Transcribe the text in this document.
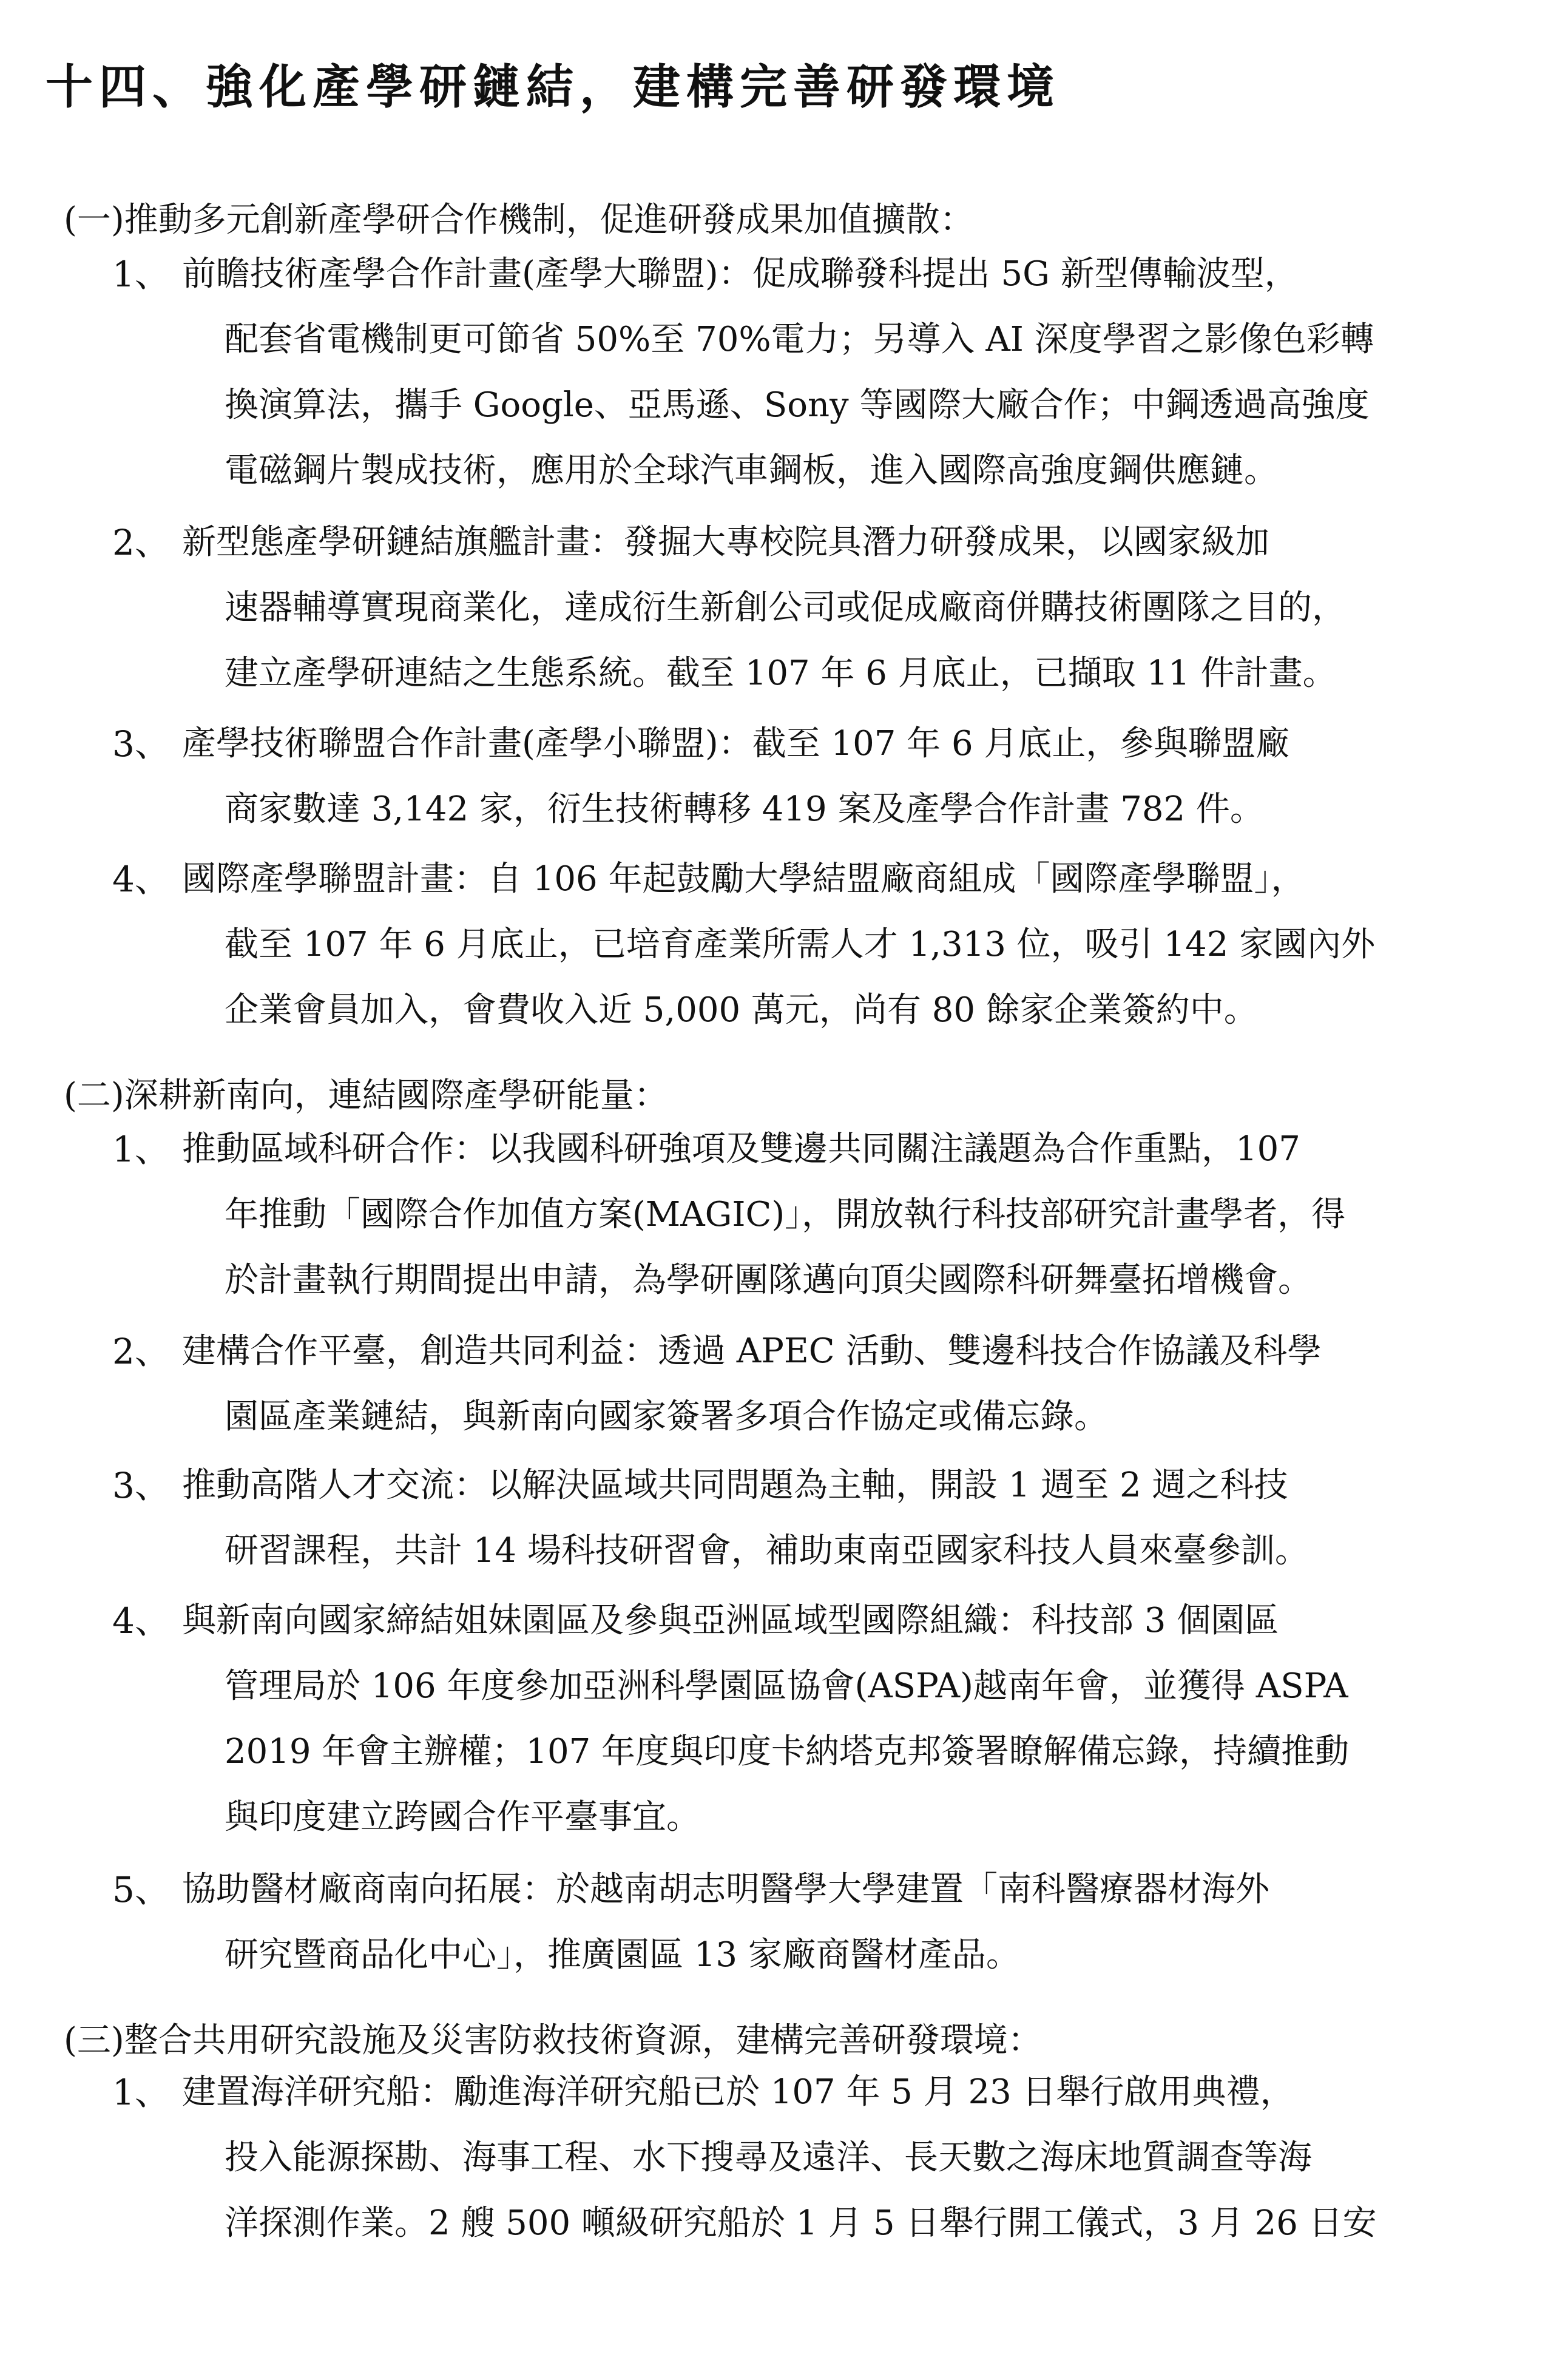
十四、強化產學研鏈結，建構完善研發環境
(一)推動多元創新產學研合作機制，促進研發成果加值擴散：
1、 前瞻技術產學合作計畫(產學大聯盟)：促成聯發科提出 5G 新型傳輸波型，
配套省電機制更可節省 50%至 70%電力；另導入 AI 深度學習之影像色彩轉
換演算法，攜手 Google、亞馬遜、Sony 等國際大廠合作；中鋼透過高強度
電磁鋼片製成技術，應用於全球汽車鋼板，進入國際高強度鋼供應鏈。
2、 新型態產學研鏈結旗艦計畫：發掘大專校院具潛力研發成果，以國家級加
速器輔導實現商業化，達成衍生新創公司或促成廠商併購技術團隊之目的，
建立產學研連結之生態系統。截至 107 年 6 月底止，已擷取 11 件計畫。
3、 產學技術聯盟合作計畫(產學小聯盟)：截至 107 年 6 月底止，參與聯盟廠
商家數達 3,142 家，衍生技術轉移 419 案及產學合作計畫 782 件。
4、 國際產學聯盟計畫：自 106 年起鼓勵大學結盟廠商組成「國際產學聯盟」，
截至 107 年 6 月底止，已培育產業所需人才 1,313 位，吸引 142 家國內外
企業會員加入，會費收入近 5,000 萬元，尚有 80 餘家企業簽約中。
(二)深耕新南向，連結國際產學研能量：
1、 推動區域科研合作：以我國科研強項及雙邊共同關注議題為合作重點，107
年推動「國際合作加值方案(MAGIC)」，開放執行科技部研究計畫學者，得
於計畫執行期間提出申請，為學研團隊邁向頂尖國際科研舞臺拓增機會。
2、 建構合作平臺，創造共同利益：透過 APEC 活動、雙邊科技合作協議及科學
園區產業鏈結，與新南向國家簽署多項合作協定或備忘錄。
3、 推動高階人才交流：以解決區域共同問題為主軸，開設 1 週至 2 週之科技
研習課程，共計 14 場科技研習會，補助東南亞國家科技人員來臺參訓。
4、 與新南向國家締結姐妹園區及參與亞洲區域型國際組織：科技部 3 個園區
管理局於 106 年度參加亞洲科學園區協會(ASPA)越南年會，並獲得 ASPA
2019 年會主辦權；107 年度與印度卡納塔克邦簽署瞭解備忘錄，持續推動
與印度建立跨國合作平臺事宜。
5、 協助醫材廠商南向拓展：於越南胡志明醫學大學建置「南科醫療器材海外
研究暨商品化中心」，推廣園區 13 家廠商醫材產品。
(三)整合共用研究設施及災害防救技術資源，建構完善研發環境：
1、 建置海洋研究船：勵進海洋研究船已於 107 年 5 月 23 日舉行啟用典禮，
投入能源探勘、海事工程、水下搜尋及遠洋、長天數之海床地質調查等海
洋探測作業。2 艘 500 噸級研究船於 1 月 5 日舉行開工儀式，3 月 26 日安
